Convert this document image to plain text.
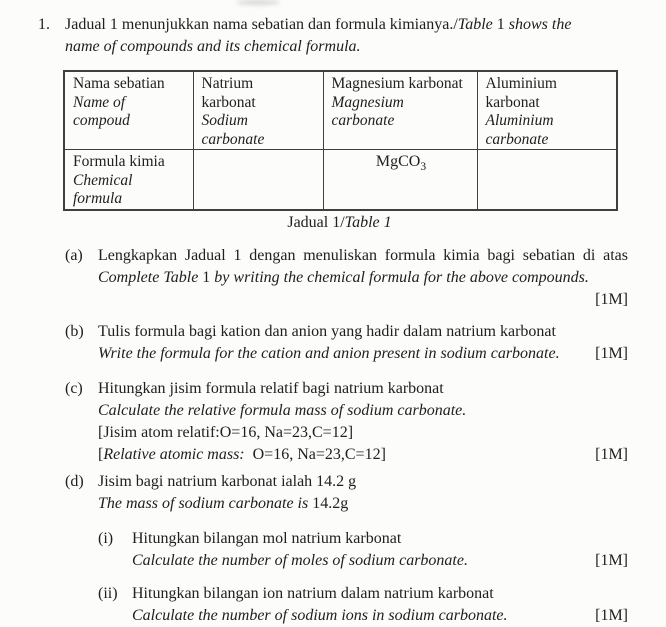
1. Jadual 1 menunjukkan nama sebatian dan formula kimianya./Table 1 shows the
name of compounds and its chemical formula.
Nama sebatian
Name of
compoud	Natrium
karbonat
Sodium
carbonate	Magnesium karbonat
Magnesium
carbonate	Aluminium
karbonat
Aluminium
carbonate

Formula kimia
Chemical
formula		MgCO$_3$	
Jadual 1/Table 1
(a) Lengkapkan Jadual 1 dengan menuliskan formula kimia bagi sebatian di atas
Complete Table 1 by writing the chemical formula for the above compounds.
[1M]
(b) Tulis formula bagi kation dan anion yang hadir dalam natrium karbonat
Write the formula for the cation and anion present in sodium carbonate. [1M]
(c) Hitungkan jisim formula relatif bagi natrium karbonat
Calculate the relative formula mass of sodium carbonate.
[Jisim atom relatif:O=16, Na=23,C=12]
[ Relative atomic mass: O=16, Na=23,C=12]	[1M]
(d) Jisim bagi natrium karbonat ialah 14.2 g
The mass of sodium carbonate is 14.2g
(i)	Hitungkan bilangan mol natrium karbonat
Calculate the number of moles of sodium carbonate.	[1M]
(ii) Hitungkan bilangan ion natrium dalam natrium karbonat
Calculate the number of sodium ions in sodium carbonate.	[1M]
